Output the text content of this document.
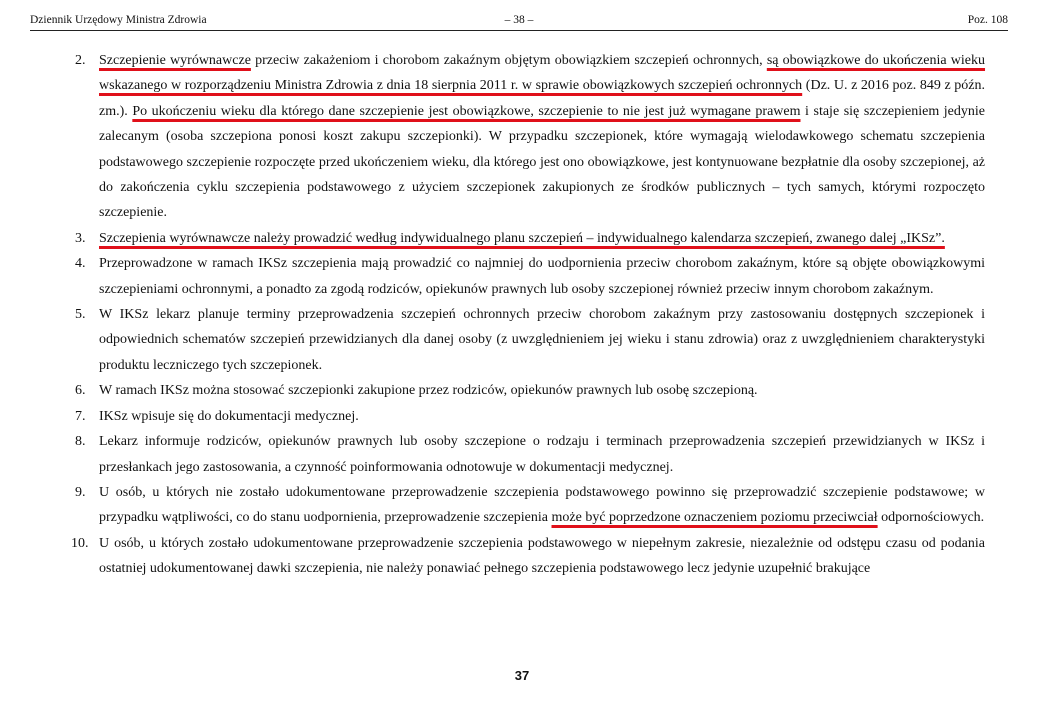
Dziennik Urzędowy Ministra Zdrowia	– 38 –	Poz. 108
2. Szczepienie wyrównawcze przeciw zakażeniom i chorobom zakaźnym objętym obowiązkiem szczepień ochronnych, są obowiązkowe do ukończenia wieku wskazanego w rozporządzeniu Ministra Zdrowia z dnia 18 sierpnia 2011 r. w sprawie obowiązkowych szczepień ochronnych (Dz. U. z 2016 poz. 849 z późn. zm.). Po ukończeniu wieku dla którego dane szczepienie jest obowiązkowe, szczepienie to nie jest już wymagane prawem i staje się szczepieniem jedynie zalecanym (osoba szczepiona ponosi koszt zakupu szczepionki). W przypadku szczepionek, które wymagają wielodawkowego schematu szczepienia podstawowego szczepienie rozpoczęte przed ukończeniem wieku, dla którego jest ono obowiązkowe, jest kontynuowane bezpłatnie dla osoby szczepionej, aż do zakończenia cyklu szczepienia podstawowego z użyciem szczepionek zakupionych ze środków publicznych – tych samych, którymi rozpoczęto szczepienie.
3. Szczepienia wyrównawcze należy prowadzić według indywidualnego planu szczepień – indywidualnego kalendarza szczepień, zwanego dalej „IKSz”.
4. Przeprowadzone w ramach IKSz szczepienia mają prowadzić co najmniej do uodpornienia przeciw chorobom zakaźnym, które są objęte obowiązkowymi szczepieniami ochronnymi, a ponadto za zgodą rodziców, opiekunów prawnych lub osoby szczepionej również przeciw innym chorobom zakaźnym.
5. W IKSz lekarz planuje terminy przeprowadzenia szczepień ochronnych przeciw chorobom zakaźnym przy zastosowaniu dostępnych szczepionek i odpowiednich schematów szczepień przewidzianych dla danej osoby (z uwzględnieniem jej wieku i stanu zdrowia) oraz z uwzględnieniem charakterystyki produktu leczniczego tych szczepionek.
6. W ramach IKSz można stosować szczepionki zakupione przez rodziców, opiekunów prawnych lub osobę szczepioną.
7. IKSz wpisuje się do dokumentacji medycznej.
8. Lekarz informuje rodziców, opiekunów prawnych lub osoby szczepione o rodzaju i terminach przeprowadzenia szczepień przewidzianych w IKSz i przesłankach jego zastosowania, a czynność poinformowania odnotowuje w dokumentacji medycznej.
9. U osób, u których nie zostało udokumentowane przeprowadzenie szczepienia podstawowego powinno się przeprowadzić szczepienie podstawowe; w przypadku wątpliwości, co do stanu uodpornienia, przeprowadzenie szczepienia może być poprzedzone oznaczeniem poziomu przeciwciał odpornościowych.
10. U osób, u których zostało udokumentowane przeprowadzenie szczepienia podstawowego w niepełnym zakresie, niezależnie od odstępu czasu od podania ostatniej udokumentowanej dawki szczepienia, nie należy ponawiać pełnego szczepienia podstawowego lecz jedynie uzupełnić brakujące
37
